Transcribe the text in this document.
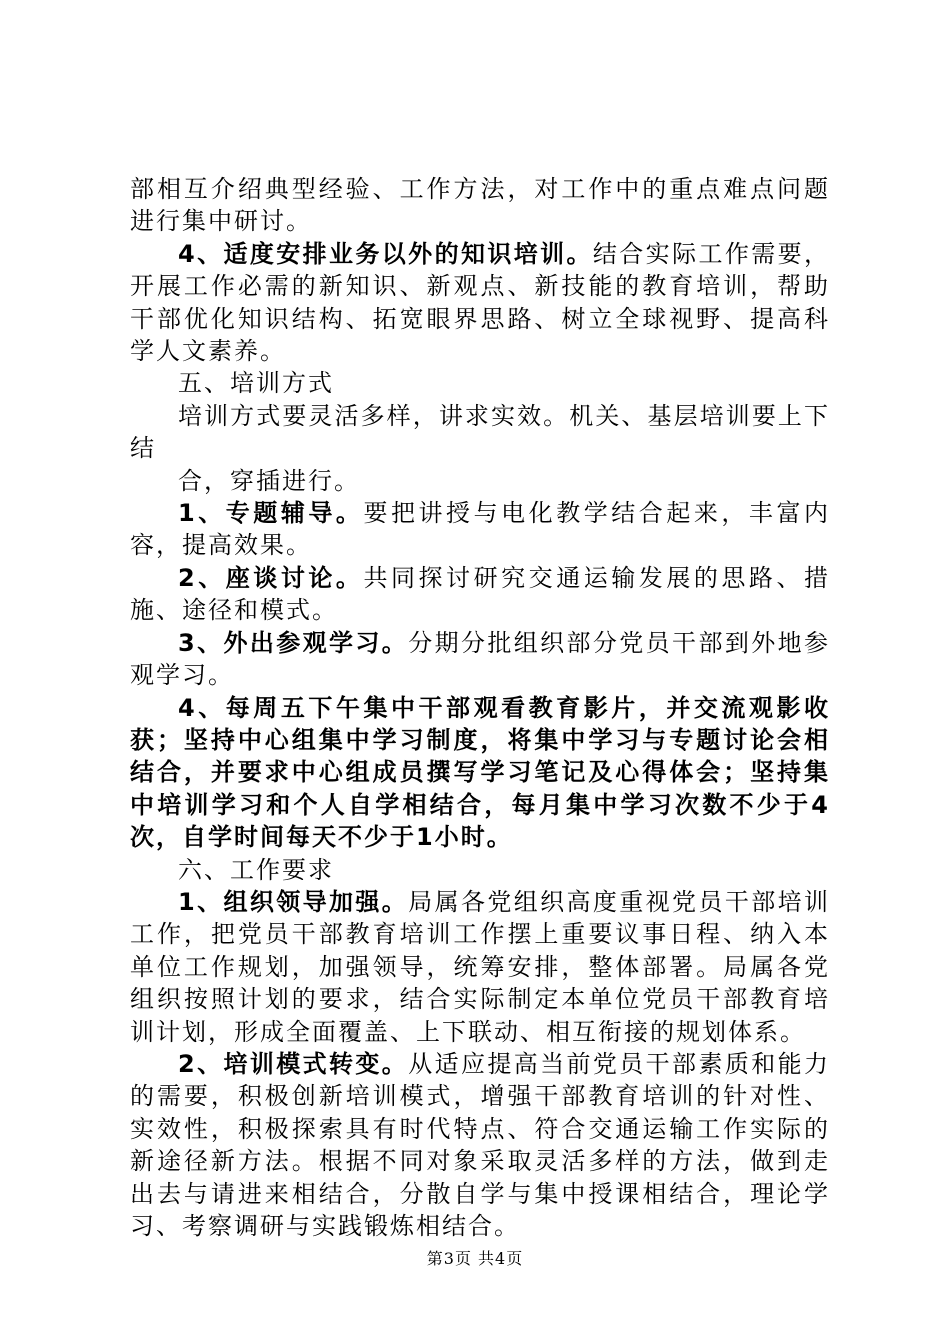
部相互介绍典型经验、工作方法，对工作中的重点难点问题进行集中研讨。

4、适度安排业务以外的知识培训。结合实际工作需要，开展工作必需的新知识、新观点、新技能的教育培训，帮助干部优化知识结构、拓宽眼界思路、树立全球视野、提高科学人文素养。

五、培训方式

培训方式要灵活多样，讲求实效。机关、基层培训要上下结

合，穿插进行。

1、专题辅导。要把讲授与电化教学结合起来，丰富内容，提高效果。

2、座谈讨论。共同探讨研究交通运输发展的思路、措施、途径和模式。

3、外出参观学习。分期分批组织部分党员干部到外地参观学习。

4、每周五下午集中干部观看教育影片，并交流观影收获；坚持中心组集中学习制度，将集中学习与专题讨论会相结合，并要求中心组成员撰写学习笔记及心得体会；坚持集中培训学习和个人自学相结合，每月集中学习次数不少于4次，自学时间每天不少于1小时。

六、工作要求

1、组织领导加强。局属各党组织高度重视党员干部培训工作，把党员干部教育培训工作摆上重要议事日程、纳入本单位工作规划，加强领导，统筹安排，整体部署。局属各党组织按照计划的要求，结合实际制定本单位党员干部教育培训计划，形成全面覆盖、上下联动、相互衔接的规划体系。

2、培训模式转变。从适应提高当前党员干部素质和能力的需要，积极创新培训模式，增强干部教育培训的针对性、实效性，积极探索具有时代特点、符合交通运输工作实际的新途径新方法。根据不同对象采取灵活多样的方法，做到走出去与请进来相结合，分散自学与集中授课相结合，理论学习、考察调研与实践锻炼相结合。

第3页 共4页
